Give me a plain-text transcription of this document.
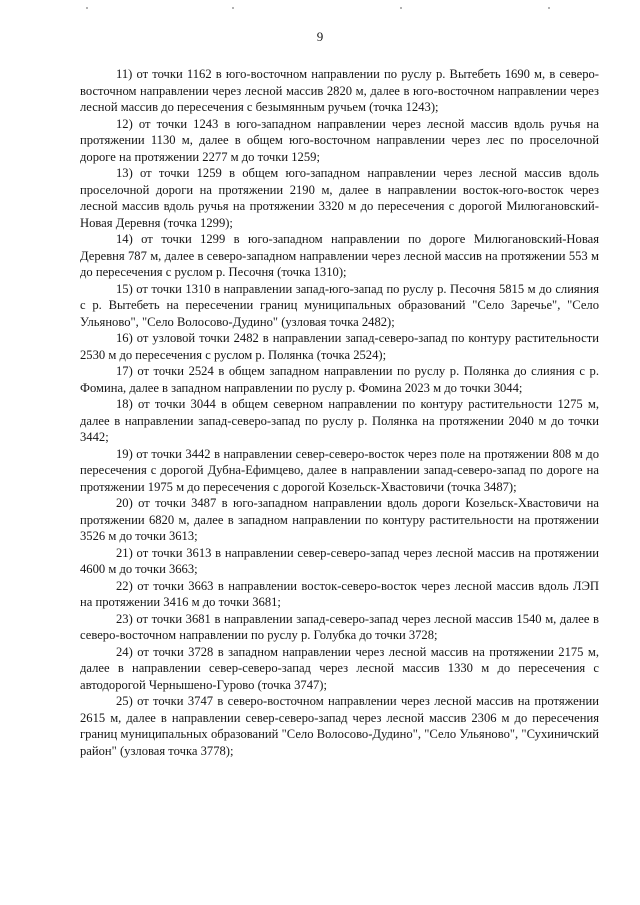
9

11) от точки 1162 в юго-восточном направлении по руслу р. Вытебеть 1690 м, в северо-восточном направлении через лесной массив 2820 м, далее в юго-восточном направлении через лесной массив до пересечения с безымянным ручьем (точка 1243);

12) от точки 1243 в юго-западном направлении через лесной массив вдоль ручья на протяжении 1130 м, далее в общем юго-восточном направлении через лес по проселочной дороге на протяжении 2277 м до точки 1259;

13) от точки 1259 в общем юго-западном направлении через лесной массив вдоль проселочной дороги на протяжении 2190 м, далее в направлении восток-юго-восток через лесной массив вдоль ручья на протяжении 3320 м до пересечения с дорогой Милюгановский-Новая Деревня (точка 1299);

14) от точки 1299 в юго-западном направлении по дороге Милюгановский-Новая Деревня 787 м, далее в северо-западном направлении через лесной массив на протяжении 553 м до пересечения с руслом р. Песочня (точка 1310);

15) от точки 1310 в направлении запад-юго-запад по руслу р. Песочня 5815 м до слияния с р. Вытебеть на пересечении границ муниципальных образований "Село Заречье", "Село Ульяново", "Село Волосово-Дудино" (узловая точка 2482);

16) от узловой точки 2482 в направлении запад-северо-запад по контуру растительности 2530 м до пересечения с руслом р. Полянка (точка 2524);

17) от точки 2524 в общем западном направлении по руслу р. Полянка до слияния с р. Фомина, далее в западном направлении по руслу р. Фомина 2023 м до точки 3044;

18) от точки 3044 в общем северном направлении по контуру растительности 1275 м, далее в направлении запад-северо-запад по руслу р. Полянка на протяжении 2040 м до точки 3442;

19) от точки 3442 в направлении север-северо-восток через поле на протяжении 808 м до пересечения с дорогой Дубна-Ефимцево, далее в направлении запад-северо-запад по дороге на протяжении 1975 м до пересечения с дорогой Козельск-Хвастовичи (точка 3487);

20) от точки 3487 в юго-западном направлении вдоль дороги Козельск-Хвастовичи на протяжении 6820 м, далее в западном направлении по контуру растительности на протяжении 3526 м до точки 3613;

21) от точки 3613 в направлении север-северо-запад через лесной массив на протяжении 4600 м до точки 3663;

22) от точки 3663 в направлении восток-северо-восток через лесной массив вдоль ЛЭП на протяжении 3416 м до точки 3681;

23) от точки 3681 в направлении запад-северо-запад через лесной массив 1540 м, далее в северо-восточном направлении по руслу р. Голубка до точки 3728;

24) от точки 3728 в западном направлении через лесной массив на протяжении 2175 м, далее в направлении север-северо-запад через лесной массив 1330 м до пересечения с автодорогой Чернышено-Гурово (точка 3747);

25) от точки 3747 в северо-восточном направлении через лесной массив на протяжении 2615 м, далее в направлении север-северо-запад через лесной массив 2306 м до пересечения границ муниципальных образований "Село Волосово-Дудино", "Село Ульяново", "Сухиничский район" (узловая точка 3778);
